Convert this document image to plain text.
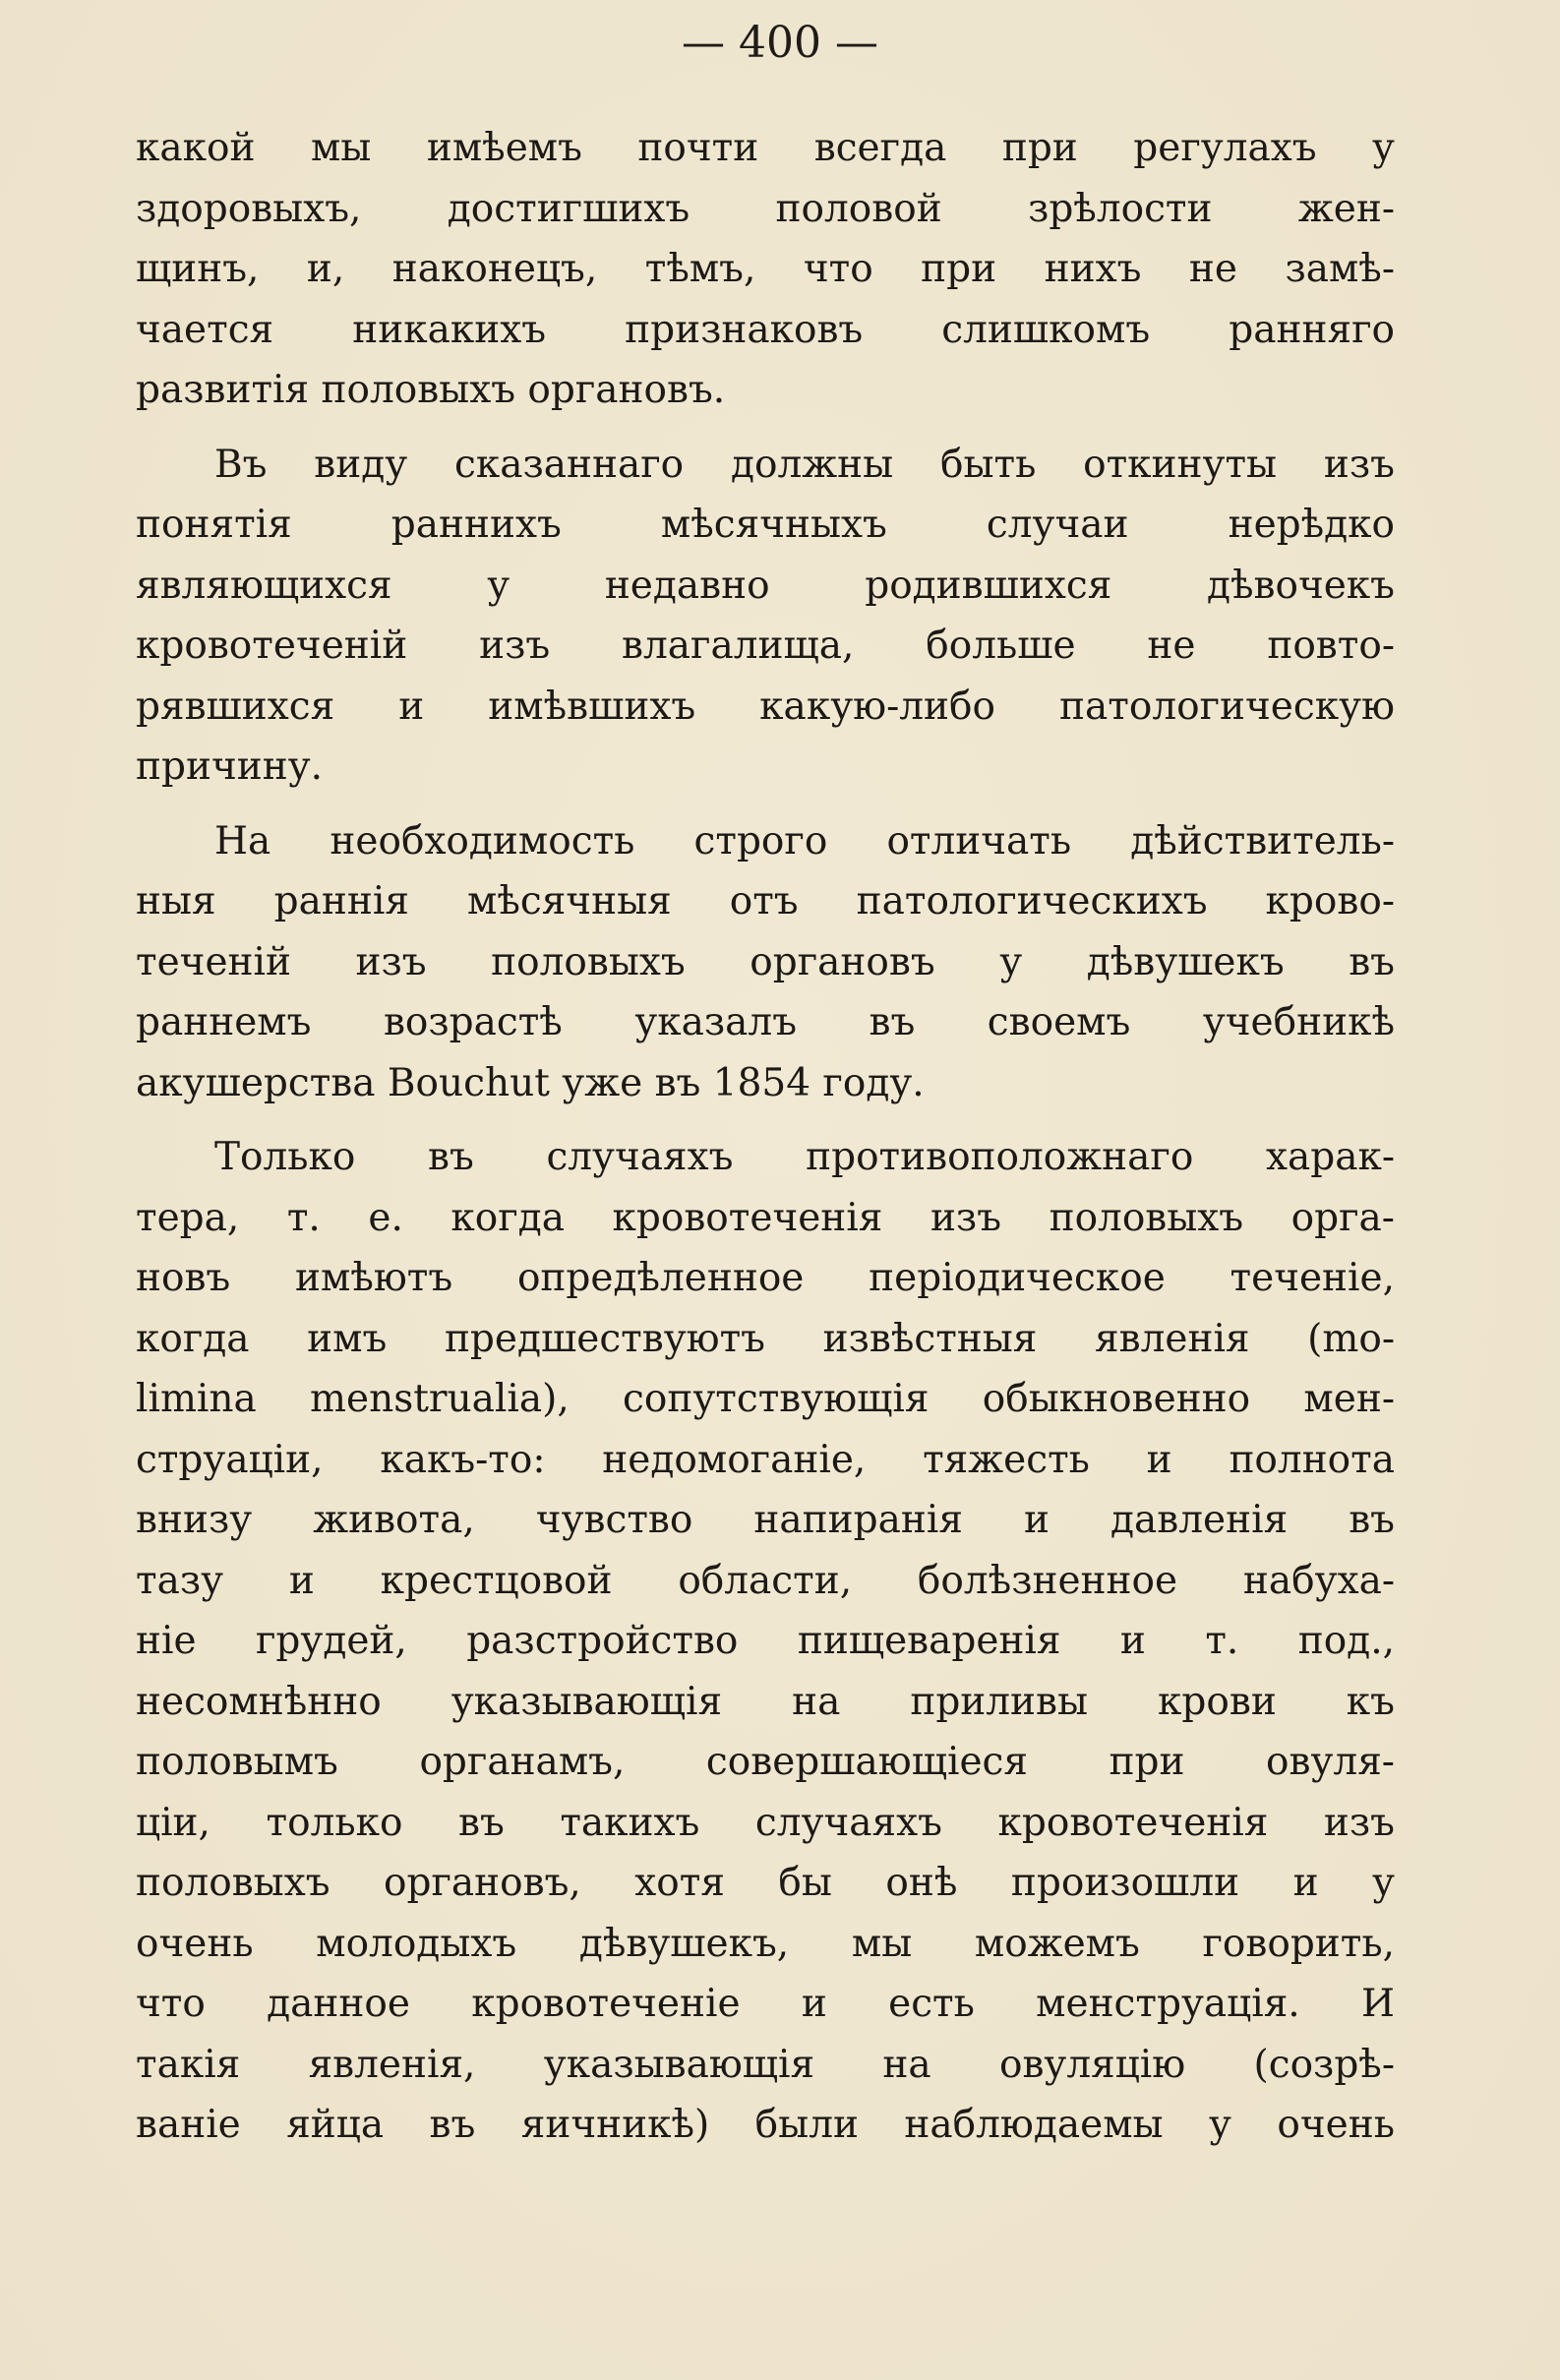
— 400 —
какой мы имѣемъ почти всегда при регулахъ у
здоровыхъ, достигшихъ половой зрѣлости жен-
щинъ, и, наконецъ, тѣмъ, что при нихъ не замѣ-
чается никакихъ признаковъ слишкомъ ранняго
развитія половыхъ органовъ.
Въ виду сказаннаго должны быть откинуты изъ
понятія раннихъ мѣсячныхъ случаи нерѣдко
являющихся у недавно родившихся дѣвочекъ
кровотеченій изъ влагалища, больше не повто-
рявшихся и имѣвшихъ какую-либо патологическую
причину.
На необходимость строго отличать дѣйствитель-
ныя раннія мѣсячныя отъ патологическихъ крово-
теченій изъ половыхъ органовъ у дѣвушекъ въ
раннемъ возрастѣ указалъ въ своемъ учебникѣ
акушерства Bouchut уже въ 1854 году.
Только въ случаяхъ противоположнаго харак-
тера, т. е. когда кровотеченія изъ половыхъ орга-
новъ имѣютъ опредѣленное періодическое теченіе,
когда имъ предшествуютъ извѣстныя явленія (mo-
limina menstrualia), сопутствующія обыкновенно мен-
струаціи, какъ-то: недомоганіе, тяжесть и полнота
внизу живота, чувство напиранія и давленія въ
тазу и крестцовой области, болѣзненное набуха-
ніе грудей, разстройство пищеваренія и т. под.,
несомнѣнно указывающія на приливы крови къ
половымъ органамъ, совершающіеся при овуля-
ціи, только въ такихъ случаяхъ кровотеченія изъ
половыхъ органовъ, хотя бы онѣ произошли и у
очень молодыхъ дѣвушекъ, мы можемъ говорить,
что данное кровотеченіе и есть менструація. И
такія явленія, указывающія на овуляцію (созрѣ-
ваніе яйца въ яичникѣ) были наблюдаемы у очень
